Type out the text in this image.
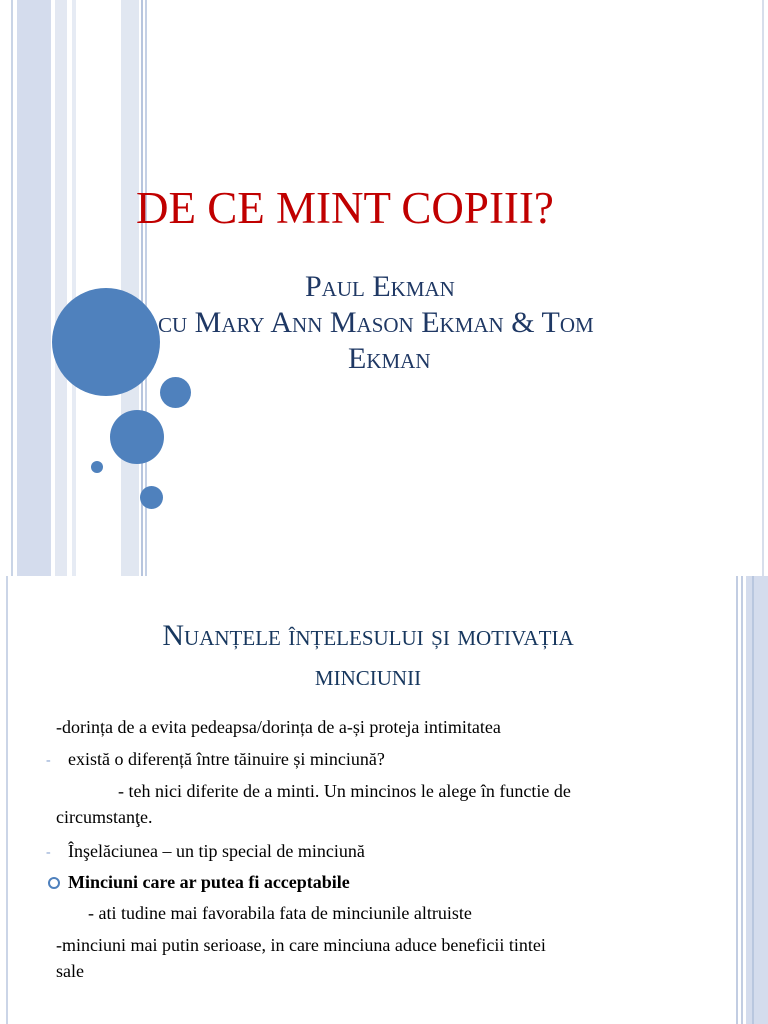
DE CE MINT COPIII?
Paul Ekman
cu Mary Ann Mason Ekman & Tom
Ekman
Nuanțele înțelesului și motivația
minciunii
-dorința de a evita pedeapsa/dorința de a-și proteja intimitatea
- există o diferență între tăinuire și minciună?
- teh nici diferite de a minti. Un mincinos le alege în functie de
circumstanţe.
- Înşelăciunea – un tip special de minciună
Minciuni care ar putea fi acceptabile
- ati tudine mai favorabila fata de minciunile altruiste
-minciuni mai putin serioase, in care minciuna aduce beneficii tintei
sale
